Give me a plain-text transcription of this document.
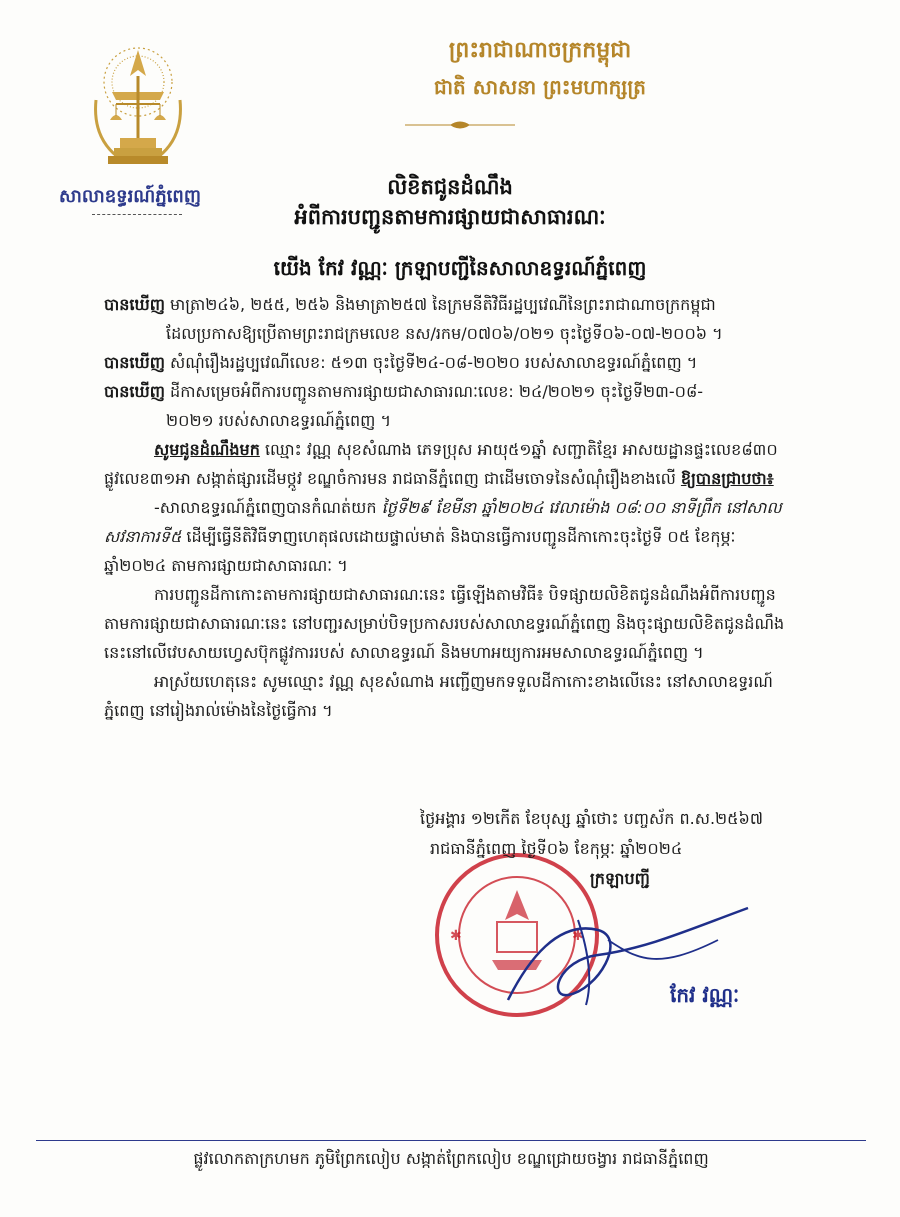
សាលាឧទ្ធរណ៍ភ្នំពេញ
ព្រះរាជាណាចក្រកម្ពុជា
ជាតិ សាសនា ព្រះមហាក្សត្រ
លិខិតជូនដំណឹង
អំពីការបញ្ជូនតាមការផ្សាយជាសាធារណៈ
យើង កែវ វណ្ណៈ ក្រឡាបញ្ជីនៃសាលាឧទ្ធរណ៍ភ្នំពេញ

បានឃើញ មាត្រា២៤៦, ២៥៥, ២៥៦ និងមាត្រា២៥៧ នៃក្រមនីតិវិធីរដ្ឋប្បវេណីនៃព្រះរាជាណាចក្រកម្ពុជា

ដែលប្រកាសឱ្យប្រើតាមព្រះរាជក្រមលេខ នស/រកម/០៧០៦/០២១ ចុះថ្ងៃទី០៦-០៧-២០០៦ ។

បានឃើញ សំណុំរឿងរដ្ឋប្បវេណីលេខ: ៥១៣ ចុះថ្ងៃទី២៤-០៨-២០២០ របស់សាលាឧទ្ធរណ៍ភ្នំពេញ ។

បានឃើញ ដីកាសម្រេចអំពីការបញ្ជូនតាមការផ្សាយជាសាធារណៈលេខ: ២៤/២០២១ ចុះថ្ងៃទី២៣-០៨-

២០២១ របស់សាលាឧទ្ធរណ៍ភ្នំពេញ ។

សូមជូនដំណឹងមក ឈ្មោះ វណ្ណ សុខសំណាង ភេទប្រុស អាយុ៥១ឆ្នាំ សញ្ជាតិខ្មែរ អាសយដ្ឋានផ្ទះលេខ៨៣០ ផ្លូវលេខ៣១អា សង្កាត់ផ្សារដើមថ្កូវ ខណ្ឌចំការមន រាជធានីភ្នំពេញ ជាដើមចោទនៃសំណុំរឿងខាងលើ ឱ្យបានជ្រាបថា៖

-សាលាឧទ្ធរណ៍ភ្នំពេញបានកំណត់យក ថ្ងៃទី២៩ ខែមីនា ឆ្នាំ២០២៤ វេលាម៉ោង ០៨:០០ នាទីព្រឹក នៅសាលសវនាការទី៥ ដើម្បីធ្វើនីតិវិធីទាញហេតុផលដោយផ្ទាល់មាត់ និងបានធ្វើការបញ្ជូនដីកាកោះចុះថ្ងៃទី ០៥ ខែកុម្ភៈ ឆ្នាំ២០២៤ តាមការផ្សាយជាសាធារណៈ ។

ការបញ្ជូនដីកាកោះតាមការផ្សាយជាសាធារណៈនេះ ធ្វើឡើងតាមវិធី៖ បិទផ្សាយលិខិតជូនដំណឹងអំពីការបញ្ជូនតាមការផ្សាយជាសាធារណៈនេះ នៅបញ្ជរសម្រាប់បិទប្រកាសរបស់សាលាឧទ្ធរណ៍ភ្នំពេញ និងចុះផ្សាយលិខិតជូនដំណឹងនេះនៅលើវេបសាយហ្វេសប៊ុកផ្លូវការរបស់ សាលាឧទ្ធរណ៍ និងមហាអយ្យការអមសាលាឧទ្ធរណ៍ភ្នំពេញ ។

អាស្រ័យហេតុនេះ សូមឈ្មោះ វណ្ណ សុខសំណាង អញ្ជើញមកទទួលដីកាកោះខាងលើនេះ នៅសាលាឧទ្ធរណ៍ភ្នំពេញ នៅរៀងរាល់ម៉ោងនៃថ្ងៃធ្វើការ ។

ថ្ងៃអង្គារ ១២កេីត ខែបុស្ស ឆ្នាំថោះ បញ្ចស័ក ព.ស.២៥៦៧
✱	✱
រាជធានីភ្នំពេញ ថ្ងៃទី០៦ ខែកុម្ភៈ ឆ្នាំ២០២៤
ក្រឡាបញ្ជី
កែវ វណ្ណៈ
ផ្លូវលោកតាក្រហមក ភូមិព្រែកលៀប សង្កាត់ព្រែកលៀប ខណ្ឌជ្រោយចង្វារ រាជធានីភ្នំពេញ
